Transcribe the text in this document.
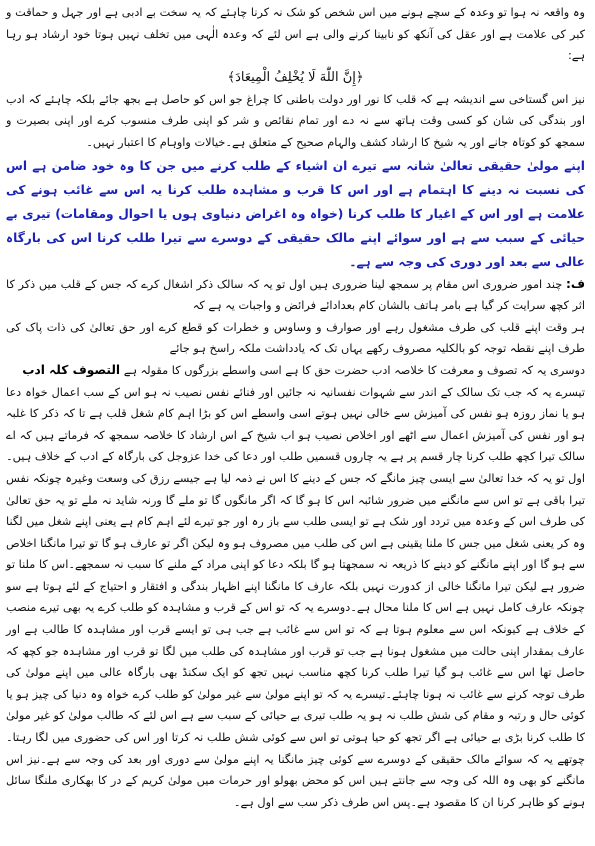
وہ واقعہ نہ ہوا تو وعدہ کے سچے ہونے میں اس شخص کو شک نہ کرنا چاہئے کہ یہ سخت بے ادبی ہے اور جہل و حماقت و کبر کی علامت ہے اور عقل کی آنکھ کو نابینا کرنے والی ہے اس لئے کہ وعدہ الٰہی میں تخلف نہیں ہوتا خود ارشاد ہو رہا ہے:

﴿إِنَّ اللّٰهَ لَا يُخْلِفُ الْمِيعَادَ﴾

نیز اس گستاخی سے اندیشہ ہے کہ قلب کا نور اور دولت باطنی کا چراغ جو اس کو حاصل ہے بجھ جائے بلکہ چاہئے کہ ادب اور بندگی کی شان کو کسی وقت ہاتھ سے نہ دے اور تمام نقائص و شر کو اپنی طرف منسوب کرے اور اپنی بصیرت و سمجھ کو کوتاہ جانے اور یہ شیخ کا ارشاد کشف والہام صحیح کے متعلق ہے۔خیالات واوہام کا اعتبار نہیں۔

اپنے مولیٰ حقیقی تعالیٰ شانہ سے تیرے ان اشیاء کے طلب کرنے میں جن کا وہ خود ضامن ہے اس کی نسبت نہ دینے کا اہتمام ہے اور اس کا قرب و مشاہدہ طلب کرنا یہ اس سے غائب ہونے کی علامت ہے اور اس کے اغیار کا طلب کرنا (خواہ وہ اغراض دنیاوی ہوں یا احوال ومقامات) تیری بے حیائی کے سبب سے ہے اور سوائے اپنے مالک حقیقی کے دوسرے سے تیرا طلب کرنا اس کی بارگاہ عالی سے بعد اور دوری کی وجہ سے ہے۔

ف: چند امور ضروری اس مقام پر سمجھ لینا ضروری ہیں اول تو یہ کہ سالک ذکر اشغال کرے کہ جس کے قلب میں ذکر کا اثر کچھ سرایت کر گیا ہے بامر ہاتف بالشان کام بعدادائے فرائض و واجبات یہ ہے کہ

ہر وقت اپنے قلب کی طرف مشغول رہے اور صوارف و وساوس و خطرات کو قطع کرے اور حق تعالیٰ کی ذات پاک کی طرف اپنے نقطہ توجہ کو بالکلیہ مصروف رکھے یہاں تک کہ یادداشت ملکہ راسخ ہو جائے

دوسری یہ کہ تصوف و معرفت کا خلاصہ ادب حضرت حق کا ہے اسی واسطے بزرگوں کا مقولہ ہے التصوف کلہ ادب

تیسرے یہ کہ جب تک سالک کے اندر سے شہوات نفسانیہ نہ جائیں اور فنائے نفس نصیب نہ ہو اس کے سب اعمال خواہ دعا ہو یا نماز روزہ ہو نفس کی آمیزش سے خالی نہیں ہوتے اسی واسطے اس کو بڑا اہم کام شغل قلب ہے تا کہ ذکر کا غلبہ ہو اور نفس کی آمیزش اعمال سے اٹھے اور اخلاص نصیب ہو اب شیخ کے اس ارشاد کا خلاصہ سمجھ کہ فرماتے ہیں کہ اے سالک تیرا کچھ طلب کرنا چار قسم پر ہے یہ چاروں قسمیں طلب اور دعا کی خدا عزوجل کی بارگاہ کے ادب کے خلاف ہیں۔اول تو یہ کہ خدا تعالیٰ سے ایسی چیز مانگے کہ جس کے دینے کا اس نے ذمہ لیا ہے جیسے رزق کی وسعت وغیرہ چونکہ نفس تیرا باقی ہے تو اس سے مانگنے میں ضرور شائبہ اس کا ہو گا کہ اگر مانگوں گا تو ملے گا ورنہ شاید نہ ملے تو یہ حق تعالیٰ کی طرف اس کے وعدہ میں تردد اور شک ہے تو ایسی طلب سے باز رہ اور جو تیرے لئے اہم کام ہے یعنی اپنے شغل میں لگنا وہ کر یعنی شغل میں جس کا ملنا یقینی ہے اس کی طلب میں مصروف ہو وہ لیکن اگر تو عارف ہو گا تو تیرا مانگنا اخلاص سے ہو گا اور اپنے مانگنے کو دینے کا ذریعہ نہ سمجھتا ہو گا بلکہ دعا کو اپنی مراد کے ملنے کا سبب نہ سمجھے۔اس کا ملنا تو ضرور ہے لیکن تیرا مانگنا خالی از کدورت نہیں بلکہ عارف کا مانگنا اپنے اظہار بندگی و افتقار و احتیاج کے لئے ہوتا ہے سو چونکہ عارف کامل نہیں ہے اس کا ملنا محال ہے۔دوسرے یہ کہ تو اس کے قرب و مشاہدہ کو طلب کرے یہ بھی تیرے منصب کے خلاف ہے کیونکہ اس سے معلوم ہوتا ہے کہ تو اس سے غائب ہے جب ہی تو ایسے قرب اور مشاہدہ کا طالب ہے اور عارف بمقدار اپنی حالت میں مشغول ہونا ہے جب تو قرب اور مشاہدہ کی طلب میں لگا تو قرب اور مشاہدہ جو کچھ کہ حاصل تھا اس سے غائب ہو گیا تیرا طلب کرنا کچھ مناسب نہیں تجھ کو ایک سکنڈ بھی بارگاہ عالی میں اپنے مولیٰ کی طرف توجہ کرنے سے غائب نہ ہونا چاہئے۔تیسرے یہ کہ تو اپنے مولیٰ سے غیر مولیٰ کو طلب کرے خواہ وہ دنیا کی چیز ہو یا کوئی حال و رتبہ و مقام کی شش طلب نہ ہو یہ طلب تیری بے حیائی کے سبب سے ہے اس لئے کہ طالب مولیٰ کو غیر مولیٰ کا طلب کرنا بڑی بے حیائی ہے اگر تجھ کو حیا ہوتی تو اس سے کوئی شش طلب نہ کرتا اور اس کی حضوری میں لگا رہتا۔چوتھے یہ کہ سوائے مالک حقیقی کے دوسرے سے کوئی چیز مانگنا یہ اپنے مولیٰ سے دوری اور بعد کی وجہ سے ہے۔نیز اس مانگنے کو بھی وہ اللہ کی وجہ سے جانتے ہیں اس کو محض بھولو اور حرمات میں مولیٰ کریم کے در کا بھکاری ملنگا سائل ہونے کو ظاہر کرنا ان کا مقصود ہے۔پس اس طرف ذکر سب سے اول ہے۔
